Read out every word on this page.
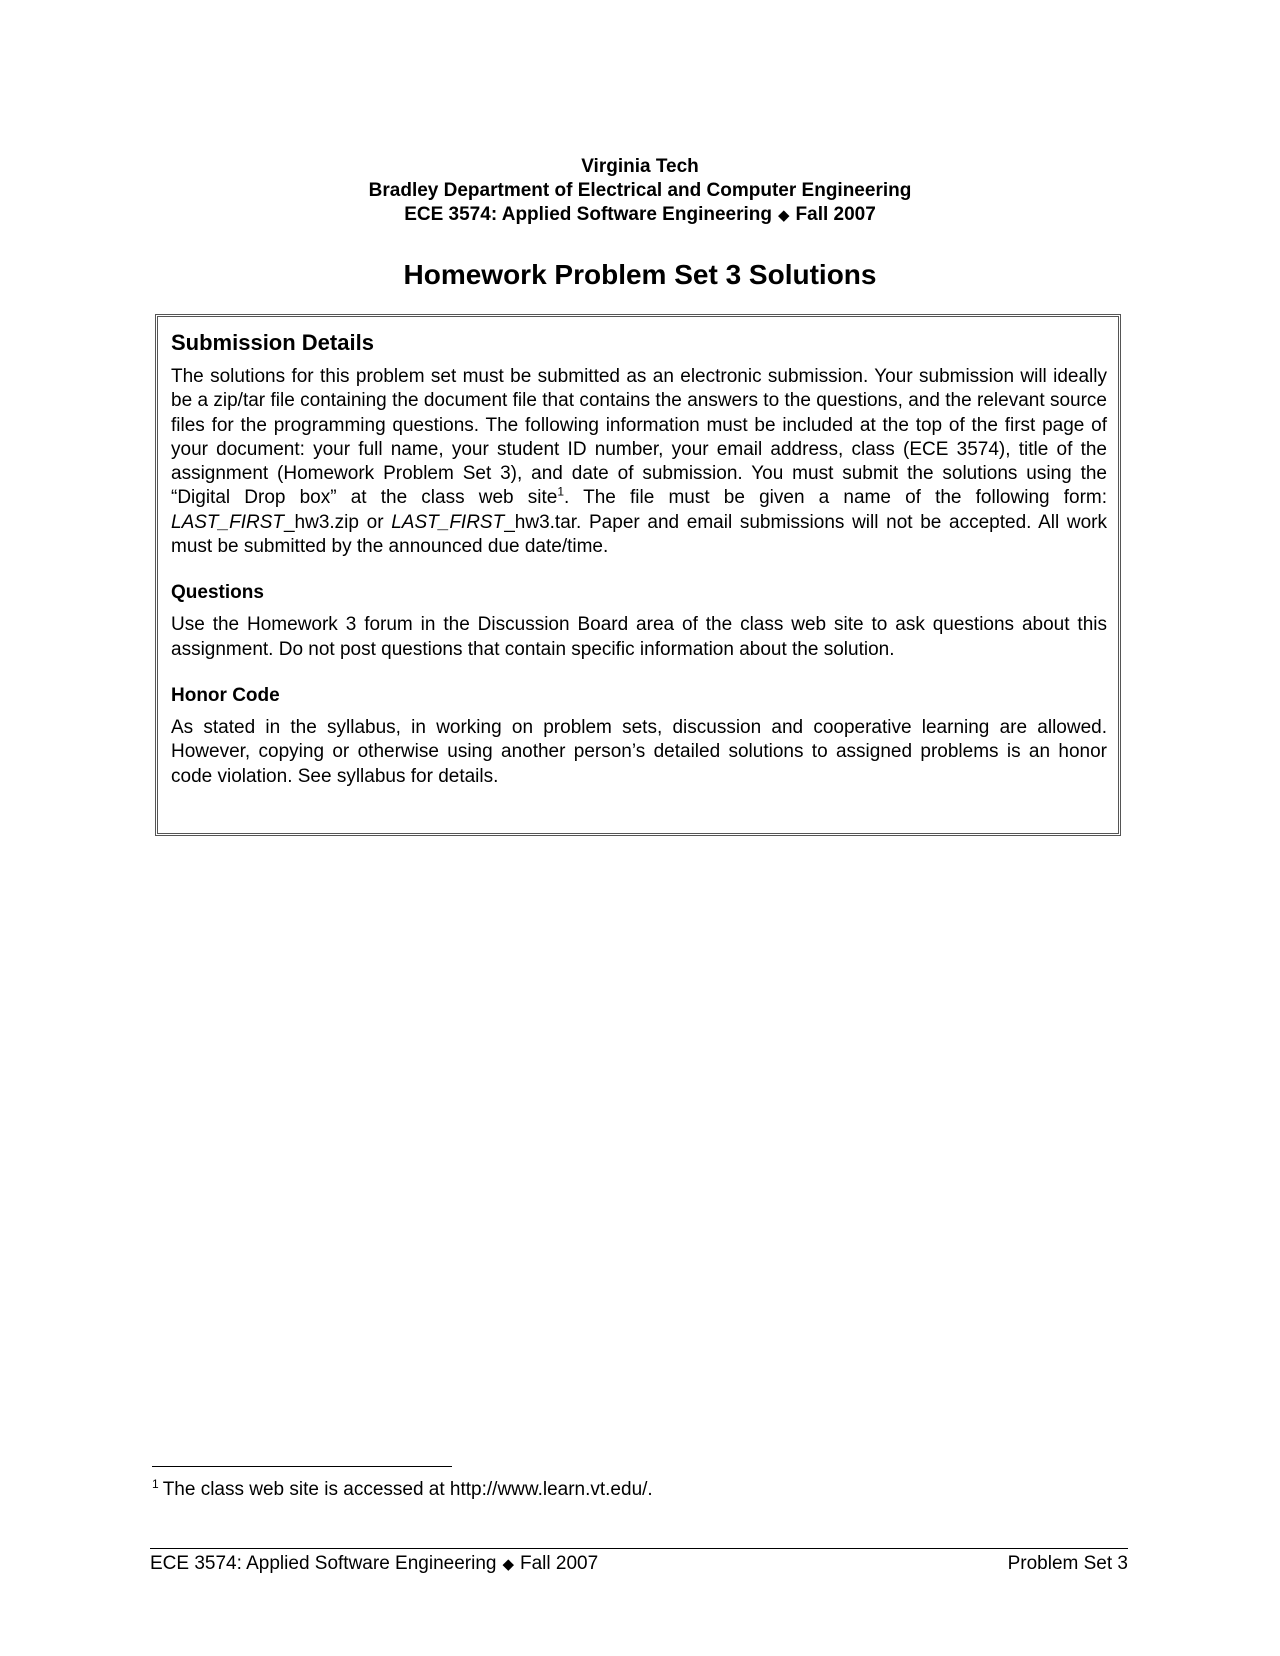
Virginia Tech
Bradley Department of Electrical and Computer Engineering
ECE 3574: Applied Software Engineering ◆ Fall 2007
Homework Problem Set 3 Solutions
Submission Details

The solutions for this problem set must be submitted as an electronic submission. Your submission will ideally be a zip/tar file containing the document file that contains the answers to the questions, and the relevant source files for the programming questions. The following information must be included at the top of the first page of your document: your full name, your student ID number, your email address, class (ECE 3574), title of the assignment (Homework Problem Set 3), and date of submission. You must submit the solutions using the “Digital Drop box” at the class web site$^1$. The file must be given a name of the following form: LAST_FIRST_hw3.zip or LAST_FIRST_hw3.tar. Paper and email submissions will not be accepted. All work must be submitted by the announced due date/time.

Questions

Use the Homework 3 forum in the Discussion Board area of the class web site to ask questions about this assignment. Do not post questions that contain specific information about the solution.

Honor Code

As stated in the syllabus, in working on problem sets, discussion and cooperative learning are allowed. However, copying or otherwise using another person’s detailed solutions to assigned problems is an honor code violation. See syllabus for details.

$^1$ The class web site is accessed at http://www.learn.vt.edu/.
ECE 3574: Applied Software Engineering ◆ Fall 2007	Problem Set 3
